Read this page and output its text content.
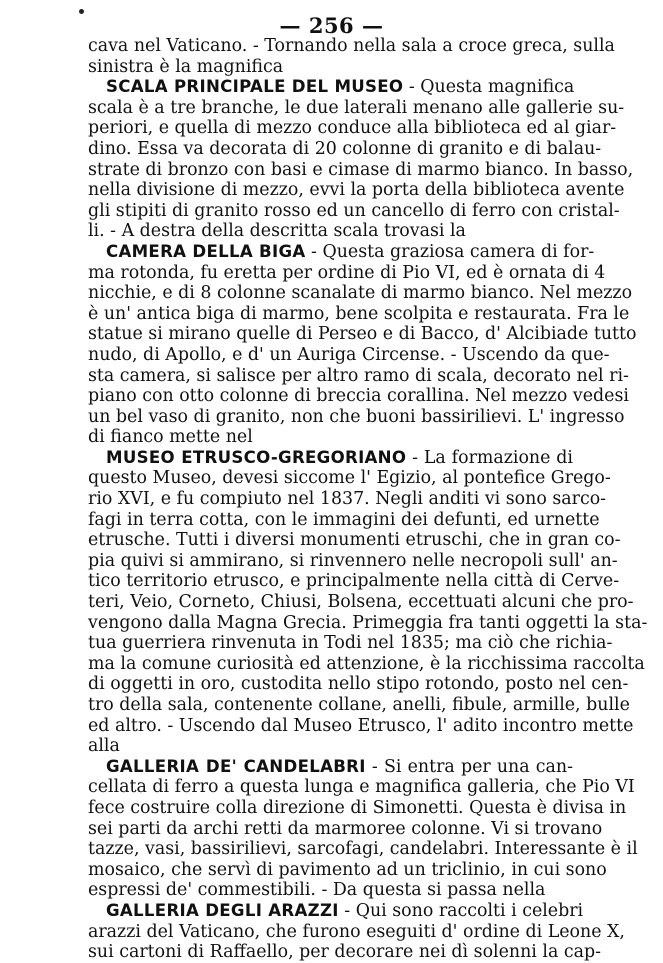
— 256 —
cava nel Vaticano. - Tornando nella sala a croce greca, sulla
sinistra è la magnifica
SCALA PRINCIPALE DEL MUSEO - Questa magnifica
scala è a tre branche, le due laterali menano alle gallerie su-
periori, e quella di mezzo conduce alla biblioteca ed al giar-
dino. Essa va decorata di 20 colonne di granito e di balau-
strate di bronzo con basi e cimase di marmo bianco. In basso,
nella divisione di mezzo, evvi la porta della biblioteca avente
gli stipiti di granito rosso ed un cancello di ferro con cristal-
li. - A destra della descritta scala trovasi la
CAMERA DELLA BIGA - Questa graziosa camera di for-
ma rotonda, fu eretta per ordine di Pio VI, ed è ornata di 4
nicchie, e di 8 colonne scanalate di marmo bianco. Nel mezzo
è un' antica biga di marmo, bene scolpita e restaurata. Fra le
statue si mirano quelle di Perseo e di Bacco, d' Alcibiade tutto
nudo, di Apollo, e d' un Auriga Circense. - Uscendo da que-
sta camera, si salisce per altro ramo di scala, decorato nel ri-
piano con otto colonne di breccia corallina. Nel mezzo vedesi
un bel vaso di granito, non che buoni bassirilievi. L' ingresso
di fianco mette nel
MUSEO ETRUSCO-GREGORIANO - La formazione di
questo Museo, devesi siccome l' Egizio, al pontefice Grego-
rio XVI, e fu compiuto nel 1837. Negli anditi vi sono sarco-
fagi in terra cotta, con le immagini dei defunti, ed urnette
etrusche. Tutti i diversi monumenti etruschi, che in gran co-
pia quivi si ammirano, si rinvennero nelle necropoli sull' an-
tico territorio etrusco, e principalmente nella città di Cerve-
teri, Veio, Corneto, Chiusi, Bolsena, eccettuati alcuni che pro-
vengono dalla Magna Grecia. Primeggia fra tanti oggetti la sta-
tua guerriera rinvenuta in Todi nel 1835; ma ciò che richia-
ma la comune curiosità ed attenzione, è la ricchissima raccolta
di oggetti in oro, custodita nello stipo rotondo, posto nel cen-
tro della sala, contenente collane, anelli, fibule, armille, bulle
ed altro. - Uscendo dal Museo Etrusco, l' adito incontro mette
alla
GALLERIA DE' CANDELABRI - Si entra per una can-
cellata di ferro a questa lunga e magnifica galleria, che Pio VI
fece costruire colla direzione di Simonetti. Questa è divisa in
sei parti da archi retti da marmoree colonne. Vi si trovano
tazze, vasi, bassirilievi, sarcofagi, candelabri. Interessante è il
mosaico, che servì di pavimento ad un triclinio, in cui sono
espressi de' commestibili. - Da questa si passa nella
GALLERIA DEGLI ARAZZI - Qui sono raccolti i celebri
arazzi del Vaticano, che furono eseguiti d' ordine di Leone X,
sui cartoni di Raffaello, per decorare nei dì solenni la cap-
